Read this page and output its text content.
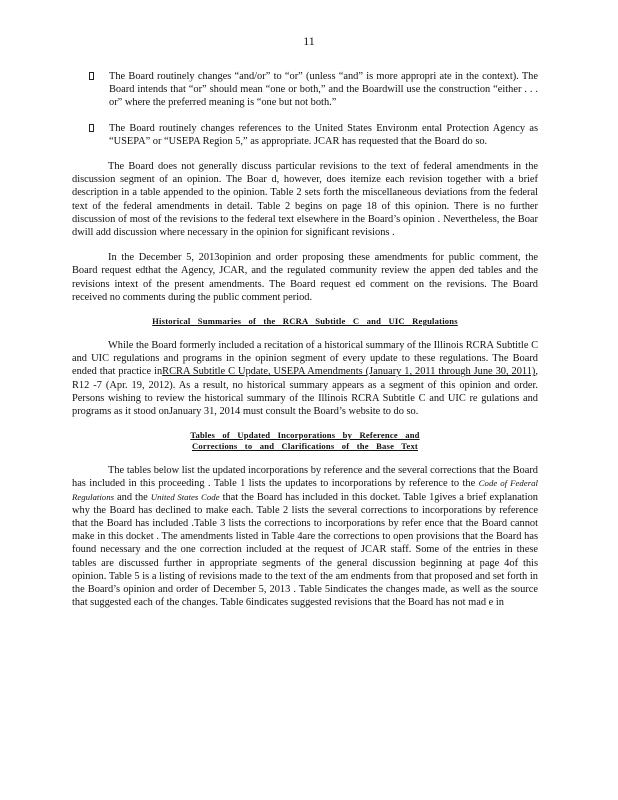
11
The Board routinely changes “and/or” to “or” (unless “and” is more appropri ate in the context). The Board intends that “or” should mean “one or both,” and the Boardwill use the construction “either . . . or” where the preferred meaning is “one but not both.”
The Board routinely changes references to the United States Environm ental Protection Agency as “USEPA” or “USEPA Region 5,” as appropriate. JCAR has requested that the Board do so.

The Board does not generally discuss particular revisions to the text of federal amendments in the discussion segment of an opinion. The Boar d, however, does itemize each revision together with a brief description in a table appended to the opinion. Table 2 sets forth the miscellaneous deviations from the federal text of the federal amendments in detail. Table 2 begins on page 18 of this opinion. There is no further discussion of most of the revisions to the federal text elsewhere in the Board’s opinion . Nevertheless, the Boar dwill add discussion where necessary in the opinion for significant revisions .

In the December 5, 2013opinion and order proposing these amendments for public comment, the Board request edthat the Agency, JCAR, and the regulated community review the appen ded tables and the revisions intext of the present amendments. The Board request ed comment on the revisions. The Board received no comments during the public comment period.

Historical Summaries of the RCRA Subtitle C and UIC Regulations

While the Board formerly included a recitation of a historical summary of the Illinois RCRA Subtitle C and UIC regulations and programs in the opinion segment of every update to these regulations. The Board ended that practice inRCRA Subtitle C Update, USEPA Amendments (January 1, 2011 through June 30, 2011), R12 -7 (Apr. 19, 2012). As a result, no historical summary appears as a segment of this opinion and order. Persons wishing to review the historical summary of the Illinois RCRA Subtitle C and UIC re gulations and programs as it stood onJanuary 31, 2014 must consult the Board’s website to do so.

Tables of Updated Incorporations by Reference and
Corrections to and Clarifications of the Base Text

The tables below list the updated incorporations by reference and the several corrections that the Board has included in this proceeding . Table 1 lists the updates to incorporations by reference to the Code of Federal Regulations and the United States Code that the Board has included in this docket. Table 1gives a brief explanation why the Board has declined to make each. Table 2 lists the several corrections to incorporations by reference that the Board has included .Table 3 lists the corrections to incorporations by refer ence that the Board cannot make in this docket . The amendments listed in Table 4are the corrections to open provisions that the Board has found necessary and the one correction included at the request of JCAR staff. Some of the entries in these tables are discussed further in appropriate segments of the general discussion beginning at page 4of this opinion. Table 5 is a listing of revisions made to the text of the am endments from that proposed and set forth in the Board’s opinion and order of December 5, 2013 . Table 5indicates the changes made, as well as the source that suggested each of the changes. Table 6indicates suggested revisions that the Board has not mad e in
